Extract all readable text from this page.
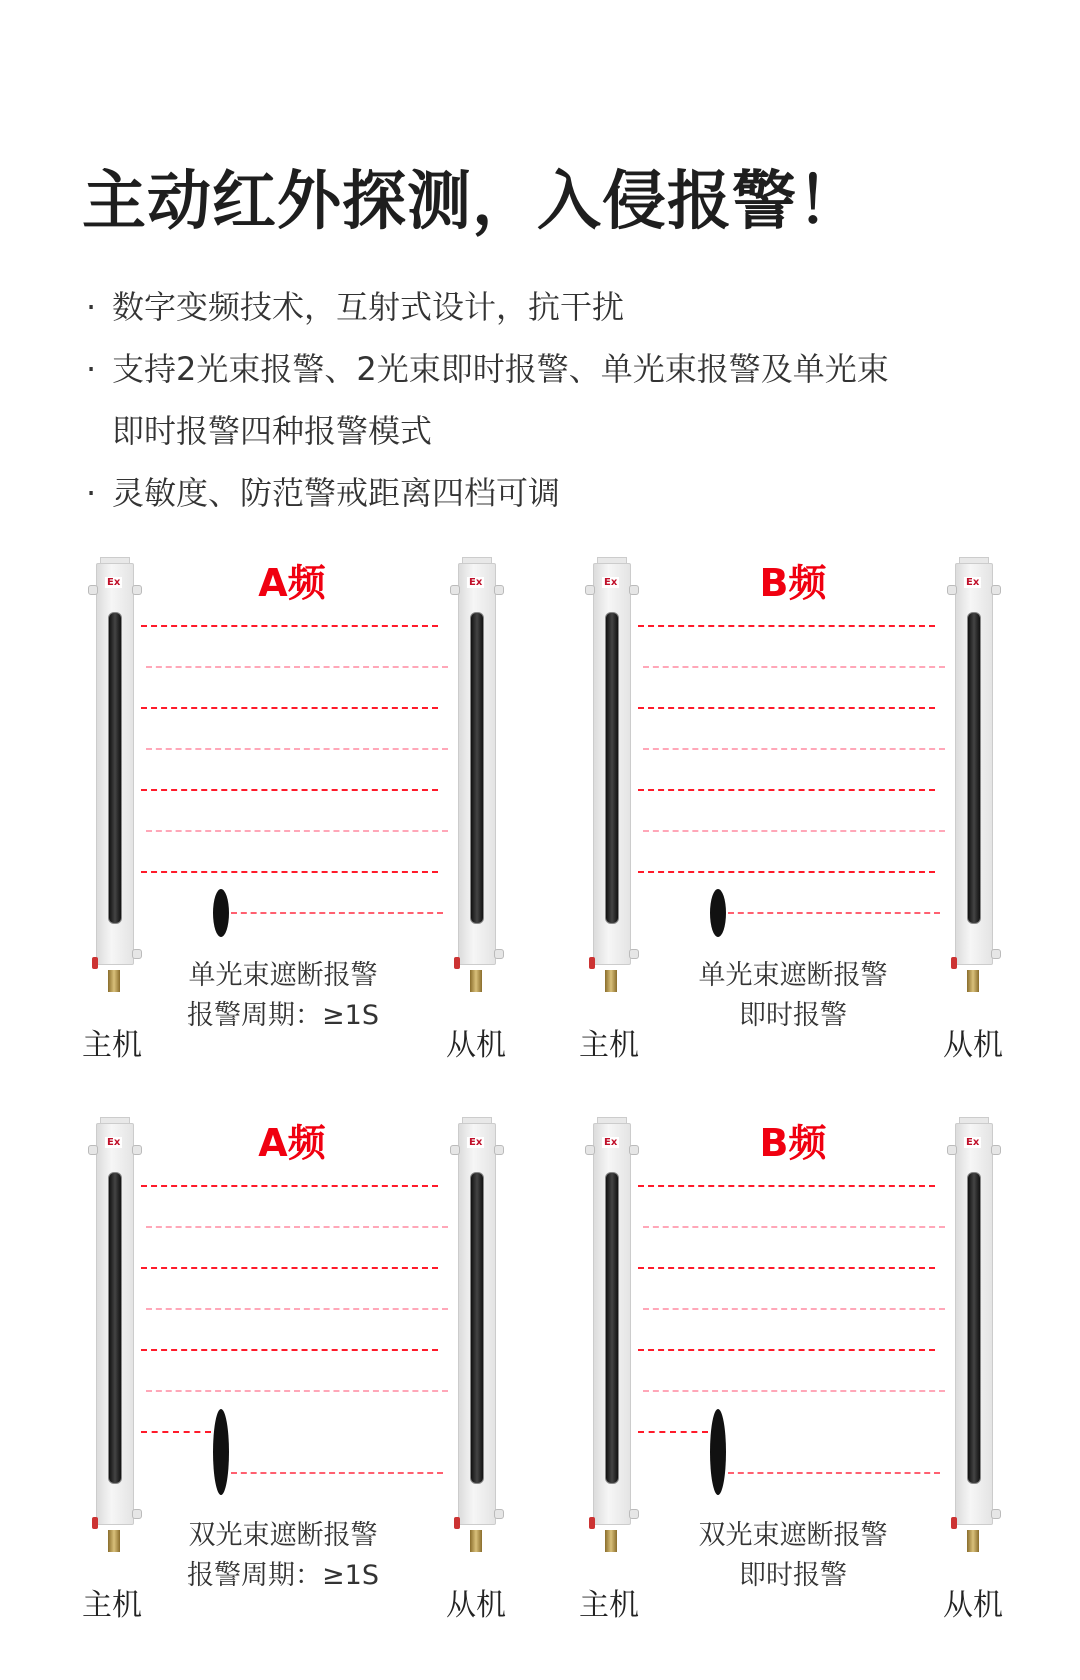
主动红外探测，入侵报警！
· 数字变频技术，互射式设计，抗干扰
· 支持2光束报警、2光束即时报警、单光束报警及单光束
即时报警四种报警模式
· 灵敏度、防范警戒距离四档可调
Ex	Ex
A频
单光束遮断报警
报警周期：≥1S
主机	从机
Ex	Ex
B频
单光束遮断报警
即时报警
主机	从机
Ex	Ex
A频
双光束遮断报警
报警周期：≥1S
主机	从机
Ex	Ex
B频
双光束遮断报警
即时报警
主机	从机
